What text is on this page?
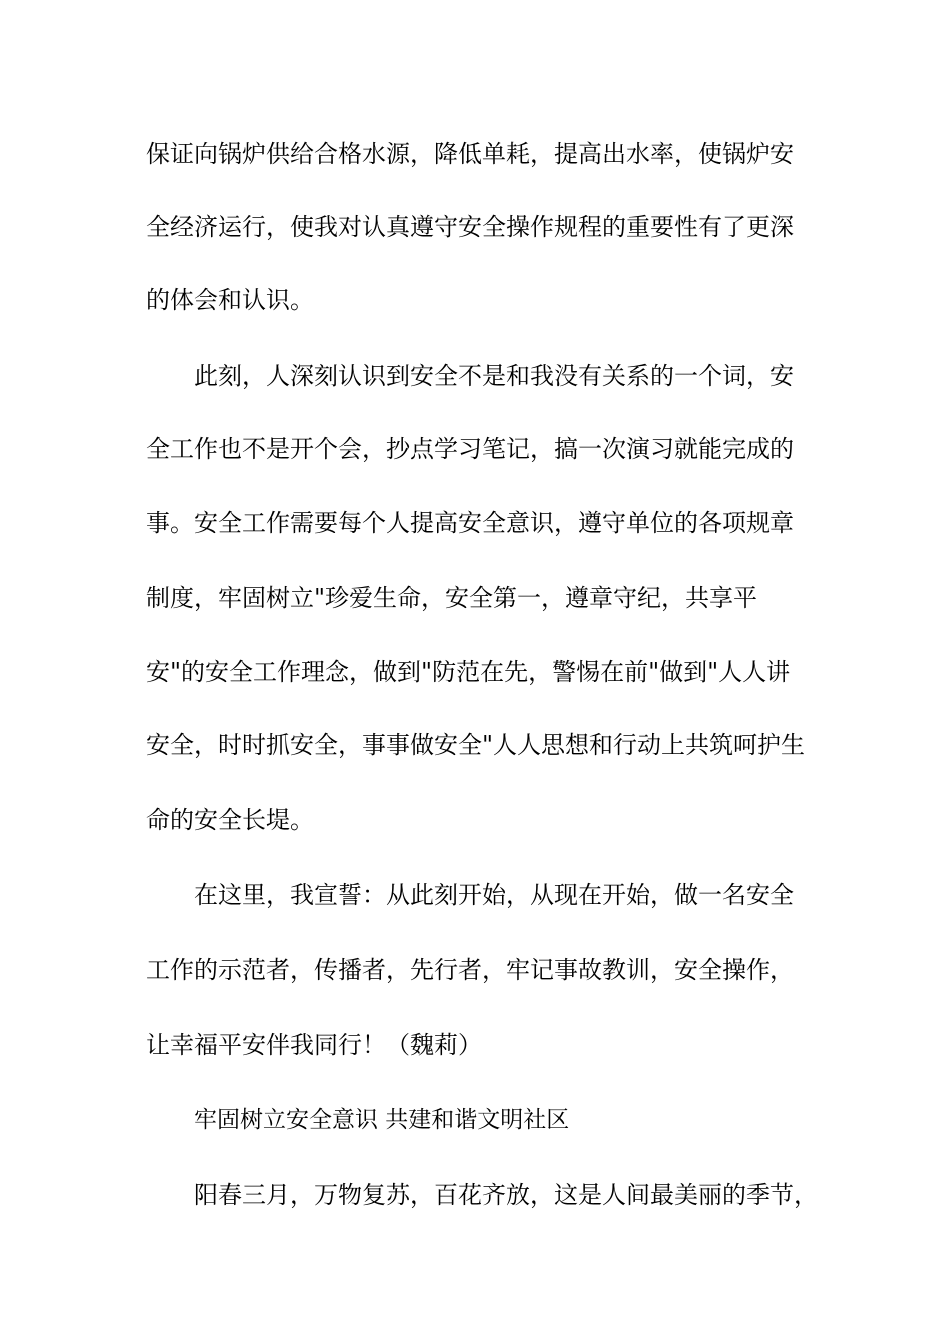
保证向锅炉供给合格水源，降低单耗，提高出水率，使锅炉安
全经济运行，使我对认真遵守安全操作规程的重要性有了更深
的体会和认识。
此刻，人深刻认识到安全不是和我没有关系的一个词，安
全工作也不是开个会，抄点学习笔记，搞一次演习就能完成的
事。安全工作需要每个人提高安全意识，遵守单位的各项规章
制度，牢固树立"珍爱生命，安全第一，遵章守纪，共享平
安"的安全工作理念，做到"防范在先，警惕在前"做到"人人讲
安全，时时抓安全，事事做安全"人人思想和行动上共筑呵护生
命的安全长堤。
在这里，我宣誓：从此刻开始，从现在开始，做一名安全
工作的示范者，传播者，先行者，牢记事故教训，安全操作，
让幸福平安伴我同行！（魏莉）
牢固树立安全意识 共建和谐文明社区
阳春三月，万物复苏，百花齐放，这是人间最美丽的季节，
